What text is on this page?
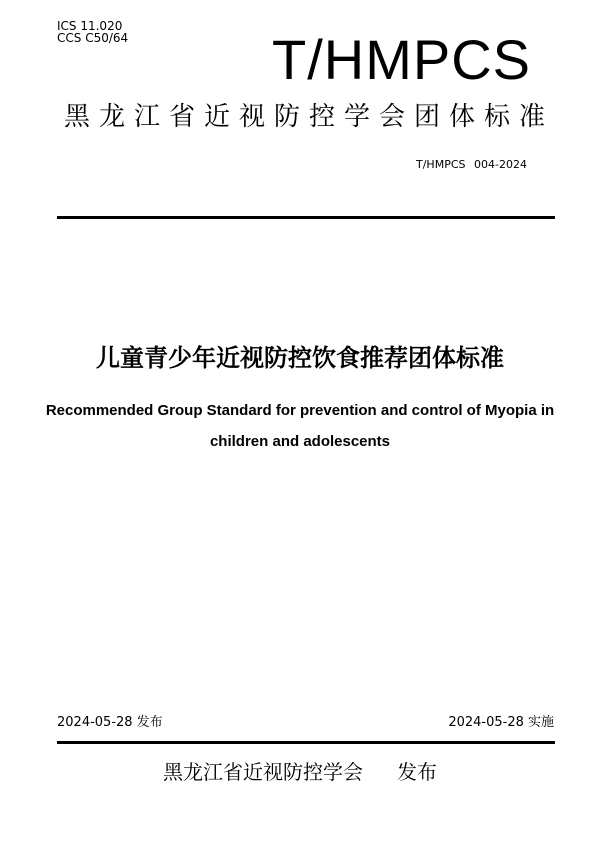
ICS 11.020
CCS C50/64	T/HMPCS
黑龙江省近视防控学会团体标准
T/HMPCS 004-2024
儿童青少年近视防控饮食推荐团体标准
Recommended Group Standard for prevention and control of Myopia in
children and adolescents
2024-05-28 发布	2024-05-28 实施
黑龙江省近视防控学会 发布
